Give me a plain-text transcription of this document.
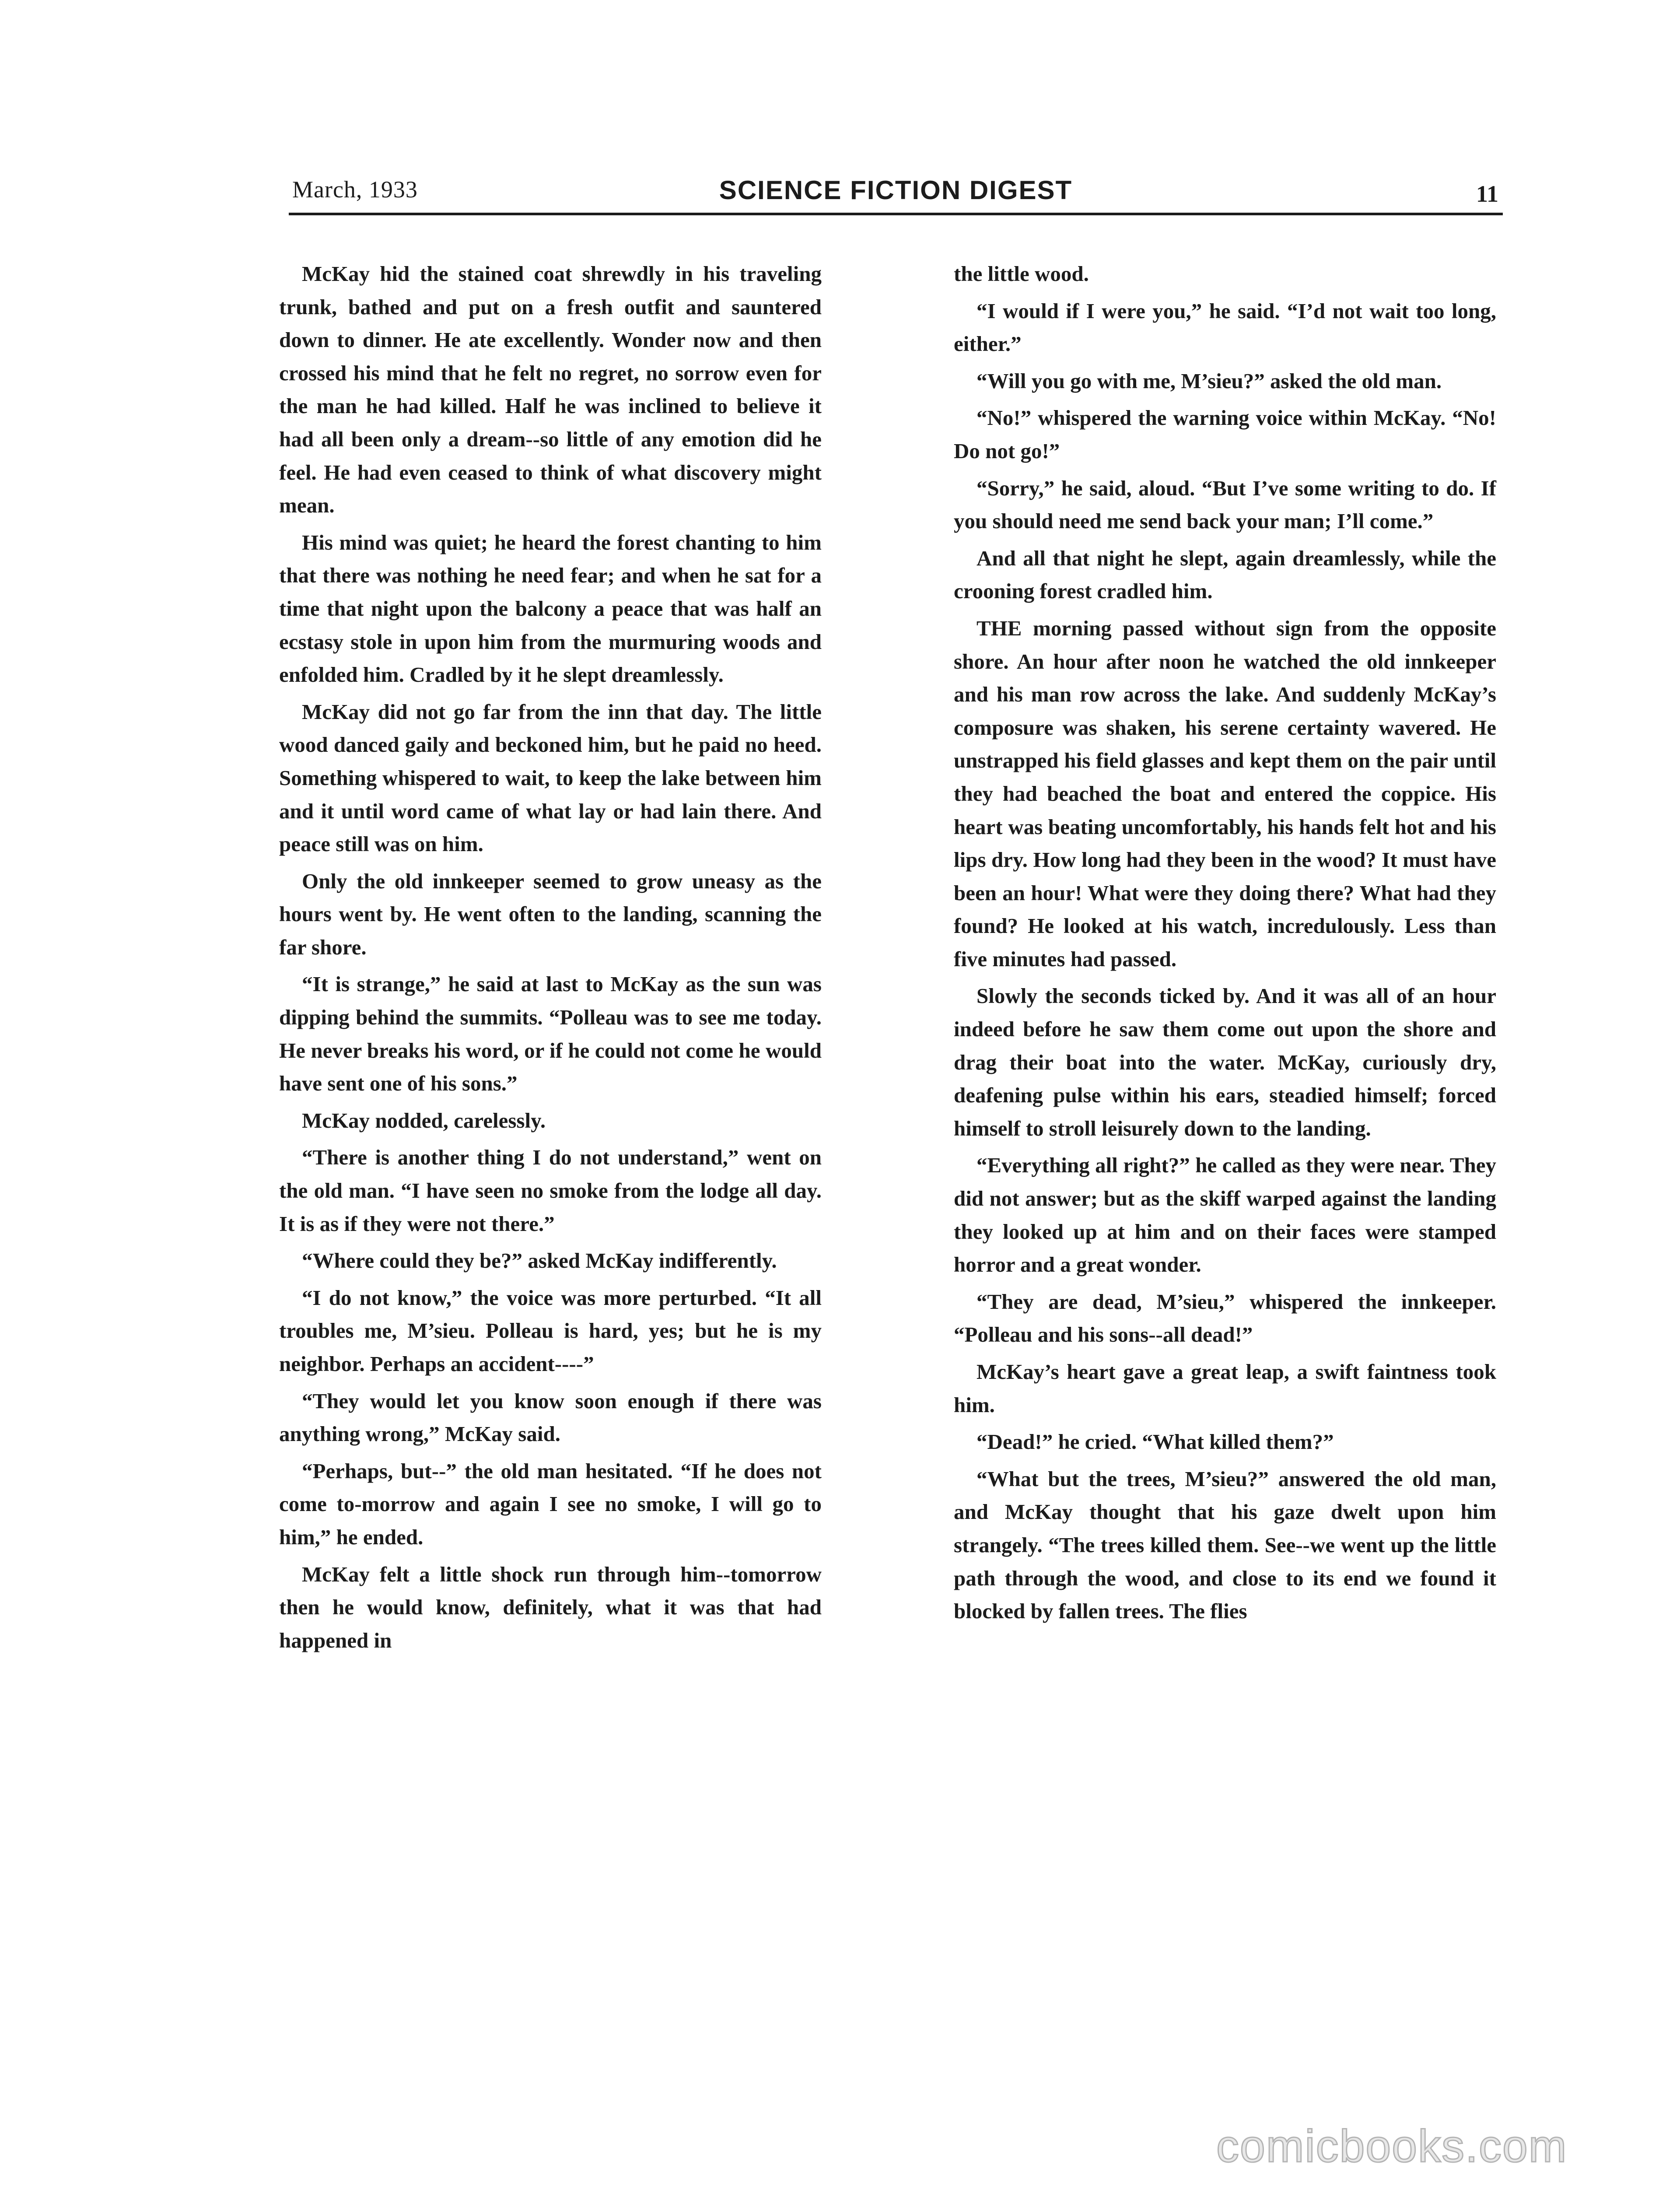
March, 1933	SCIENCE FICTION DIGEST	11

McKay hid the stained coat shrewdly in his traveling trunk, bathed and put on a fresh outfit and sauntered down to dinner. He ate excellently. Wonder now and then crossed his mind that he felt no regret, no sorrow even for the man he had killed. Half he was inclined to believe it had all been only a dream--so little of any emotion did he feel. He had even ceased to think of what discovery might mean.

His mind was quiet; he heard the forest chanting to him that there was nothing he need fear; and when he sat for a time that night upon the balcony a peace that was half an ecstasy stole in upon him from the murmuring woods and enfolded him. Cradled by it he slept dreamlessly.

McKay did not go far from the inn that day. The little wood danced gaily and beckoned him, but he paid no heed. Something whispered to wait, to keep the lake between him and it until word came of what lay or had lain there. And peace still was on him.

Only the old innkeeper seemed to grow uneasy as the hours went by. He went often to the landing, scanning the far shore.

“It is strange,” he said at last to McKay as the sun was dipping behind the summits. “Polleau was to see me today. He never breaks his word, or if he could not come he would have sent one of his sons.”

McKay nodded, carelessly.

“There is another thing I do not understand,” went on the old man. “I have seen no smoke from the lodge all day. It is as if they were not there.”

“Where could they be?” asked McKay indifferently.

“I do not know,” the voice was more perturbed. “It all troubles me, M’sieu. Polleau is hard, yes; but he is my neighbor. Perhaps an accident----”

“They would let you know soon enough if there was anything wrong,” McKay said.

“Perhaps, but--” the old man hesitated. “If he does not come to-morrow and again I see no smoke, I will go to him,” he ended.

McKay felt a little shock run through him--tomorrow then he would know, definitely, what it was that had happened in

the little wood.

“I would if I were you,” he said. “I’d not wait too long, either.”

“Will you go with me, M’sieu?” asked the old man.

“No!” whispered the warning voice within McKay. “No! Do not go!”

“Sorry,” he said, aloud. “But I’ve some writing to do. If you should need me send back your man; I’ll come.”

And all that night he slept, again dreamlessly, while the crooning forest cradled him.

THE morning passed without sign from the opposite shore. An hour after noon he watched the old innkeeper and his man row across the lake. And suddenly McKay’s composure was shaken, his serene certainty wavered. He unstrapped his field glasses and kept them on the pair until they had beached the boat and entered the coppice. His heart was beating uncomfortably, his hands felt hot and his lips dry. How long had they been in the wood? It must have been an hour! What were they doing there? What had they found? He looked at his watch, incredulously. Less than five minutes had passed.

Slowly the seconds ticked by. And it was all of an hour indeed before he saw them come out upon the shore and drag their boat into the water. McKay, curiously dry, deafening pulse within his ears, steadied himself; forced himself to stroll leisurely down to the landing.

“Everything all right?” he called as they were near. They did not answer; but as the skiff warped against the landing they looked up at him and on their faces were stamped horror and a great wonder.

“They are dead, M’sieu,” whispered the innkeeper. “Polleau and his sons--all dead!”

McKay’s heart gave a great leap, a swift faintness took him.

“Dead!” he cried. “What killed them?”

“What but the trees, M’sieu?” answered the old man, and McKay thought that his gaze dwelt upon him strangely. “The trees killed them. See--we went up the little path through the wood, and close to its end we found it blocked by fallen trees. The flies

comicbooks.com
